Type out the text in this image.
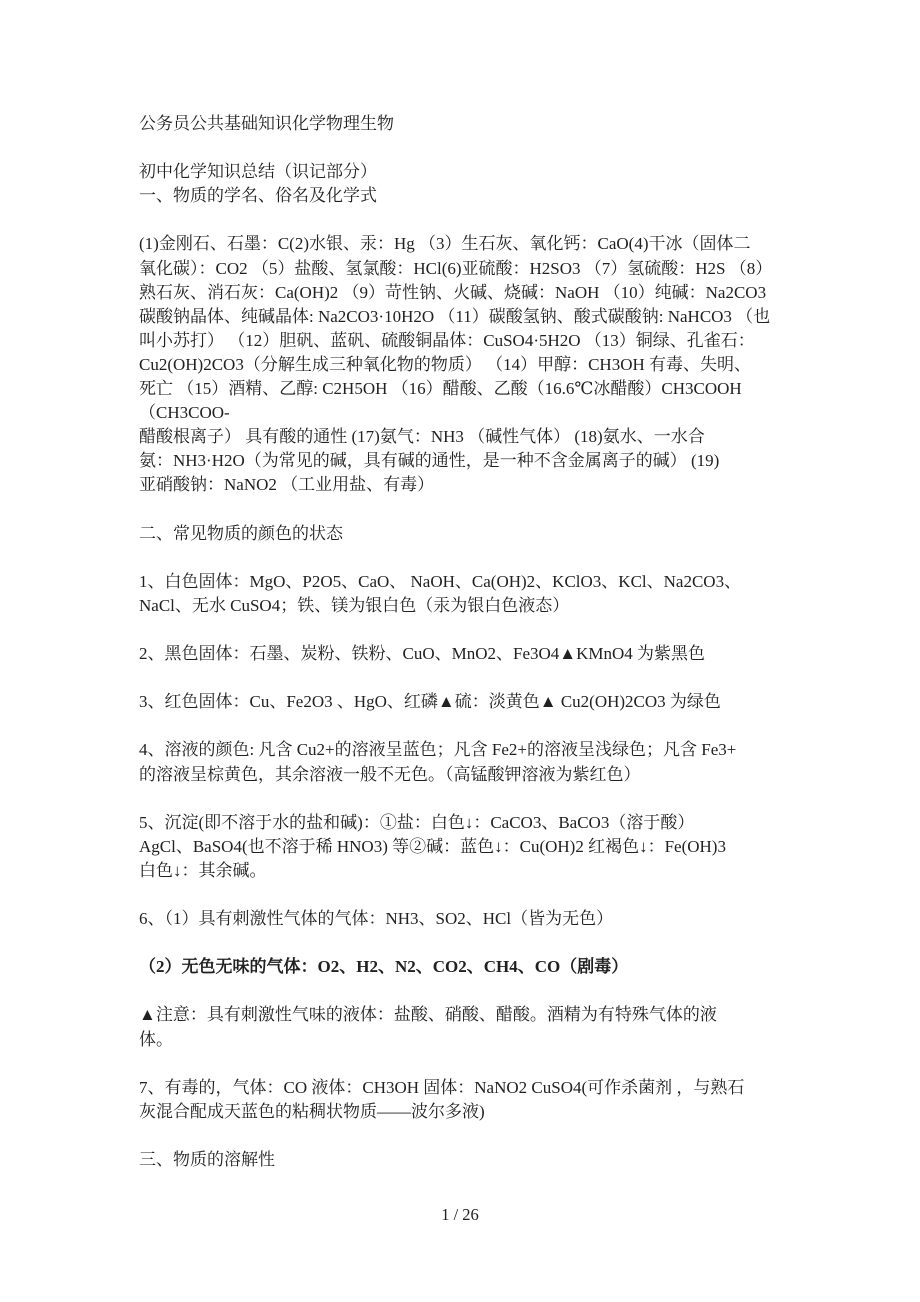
公务员公共基础知识化学物理生物
初中化学知识总结（识记部分）
一、物质的学名、俗名及化学式
(1)金刚石、石墨：C(2)水银、汞：Hg （3）生石灰、氧化钙：CaO(4)干冰（固体二
氧化碳）：CO2 （5）盐酸、氢氯酸：HCl(6)亚硫酸：H2SO3 （7）氢硫酸：H2S （8）
熟石灰、消石灰：Ca(OH)2 （9）苛性钠、火碱、烧碱：NaOH （10）纯碱：Na2CO3
碳酸钠晶体、纯碱晶体: Na2CO3·10H2O （11）碳酸氢钠、酸式碳酸钠: NaHCO3 （也
叫小苏打） （12）胆矾、蓝矾、硫酸铜晶体：CuSO4·5H2O （13）铜绿、孔雀石：
Cu2(OH)2CO3（分解生成三种氧化物的物质） （14）甲醇：CH3OH 有毒、失明、
死亡 （15）酒精、乙醇: C2H5OH （16）醋酸、乙酸（16.6℃冰醋酸）CH3COOH （CH3COO-
醋酸根离子） 具有酸的通性 (17)氨气：NH3 （碱性气体） (18)氨水、一水合
氨：NH3·H2O（为常见的碱，具有碱的通性，是一种不含金属离子的碱） (19)
亚硝酸钠：NaNO2 （工业用盐、有毒）
二、常见物质的颜色的状态
1、白色固体：MgO、P2O5、CaO、 NaOH、Ca(OH)2、KClO3、KCl、Na2CO3、
NaCl、无水 CuSO4；铁、镁为银白色（汞为银白色液态）
2、黑色固体：石墨、炭粉、铁粉、CuO、MnO2、Fe3O4▲KMnO4 为紫黑色
3、红色固体：Cu、Fe2O3 、HgO、红磷▲硫：淡黄色▲ Cu2(OH)2CO3 为绿色
4、溶液的颜色: 凡含 Cu2+的溶液呈蓝色；凡含 Fe2+的溶液呈浅绿色；凡含 Fe3+
的溶液呈棕黄色，其余溶液一般不无色。（高锰酸钾溶液为紫红色）
5、沉淀(即不溶于水的盐和碱)：①盐：白色↓：CaCO3、BaCO3（溶于酸）
AgCl、BaSO4(也不溶于稀 HNO3) 等②碱：蓝色↓：Cu(OH)2 红褐色↓：Fe(OH)3
白色↓：其余碱。
6、（1）具有刺激性气体的气体：NH3、SO2、HCl（皆为无色）
（2）无色无味的气体：O2、H2、N2、CO2、CH4、CO（剧毒）
▲注意：具有刺激性气味的液体：盐酸、硝酸、醋酸。酒精为有特殊气体的液
体。
7、有毒的，气体：CO 液体：CH3OH 固体：NaNO2 CuSO4(可作杀菌剂 ，与熟石
灰混合配成天蓝色的粘稠状物质——波尔多液)
三、物质的溶解性
1 / 26
